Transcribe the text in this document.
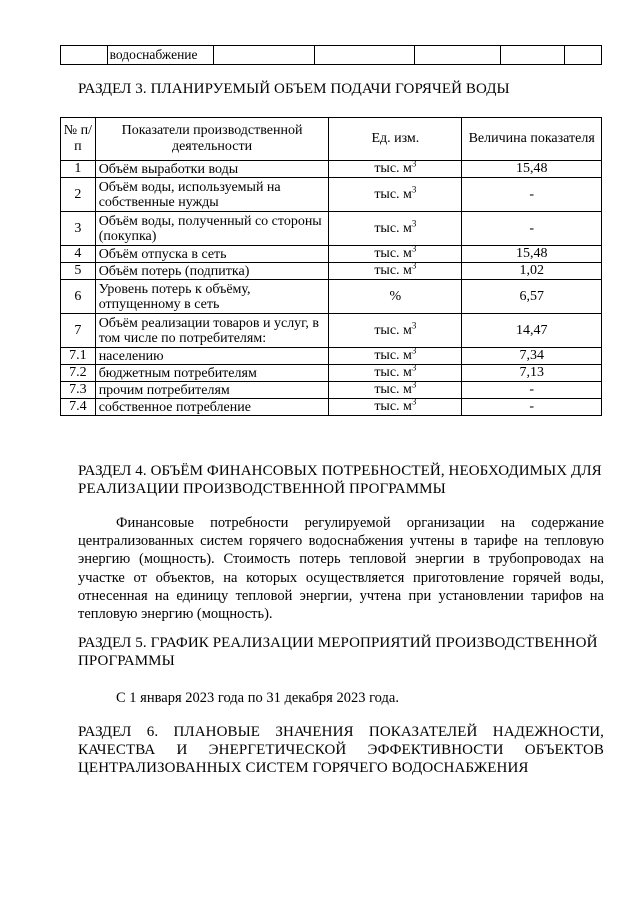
	водоснабжение					
РАЗДЕЛ 3. ПЛАНИРУЕМЫЙ ОБЪЕМ ПОДАЧИ ГОРЯЧЕЙ ВОДЫ
№ п/п	Показатели производственной деятельности	Ед. изм.	Величина показателя
1	Объём выработки воды	тыс. $м^3$	15,48
2	Объём воды, используемый на собственные нужды	тыс. $м^3$	-
3	Объём воды, полученный со стороны (покупка)	тыс. $м^3$	-
4	Объём отпуска в сеть	тыс. $м^3$	15,48
5	Объём потерь (подпитка)	тыс. $м^3$	1,02
6	Уровень потерь к объёму, отпущенному в сеть	%	6,57
7	Объём реализации товаров и услуг, в том числе по потребителям:	тыс. $м^3$	14,47
7.1	населению	тыс. $м^3$	7,34
7.2	бюджетным потребителям	тыс. $м^3$	7,13
7.3	прочим потребителям	тыс. $м^3$	-
7.4	собственное потребление	тыс. $м^3$	-
РАЗДЕЛ 4. ОБЪЁМ ФИНАНСОВЫХ ПОТРЕБНОСТЕЙ, НЕОБХОДИМЫХ ДЛЯ РЕАЛИЗАЦИИ ПРОИЗВОДСТВЕННОЙ ПРОГРАММЫ

Финансовые потребности регулируемой организации на содержание централизованных систем горячего водоснабжения учтены в тарифе на тепловую энергию (мощность). Стоимость потерь тепловой энергии в трубопроводах на участке от объектов, на которых осуществляется приготовление горячей воды, отнесенная на единицу тепловой энергии, учтена при установлении тарифов на тепловую энергию (мощность).

РАЗДЕЛ 5. ГРАФИК РЕАЛИЗАЦИИ МЕРОПРИЯТИЙ ПРОИЗВОДСТВЕННОЙ ПРОГРАММЫ
С 1 января 2023 года по 31 декабря 2023 года.
РАЗДЕЛ 6. ПЛАНОВЫЕ ЗНАЧЕНИЯ ПОКАЗАТЕЛЕЙ НАДЕЖНОСТИ, КАЧЕСТВА И ЭНЕРГЕТИЧЕСКОЙ ЭФФЕКТИВНОСТИ ОБЪЕКТОВ ЦЕНТРАЛИЗОВАННЫХ СИСТЕМ ГОРЯЧЕГО ВОДОСНАБЖЕНИЯ
